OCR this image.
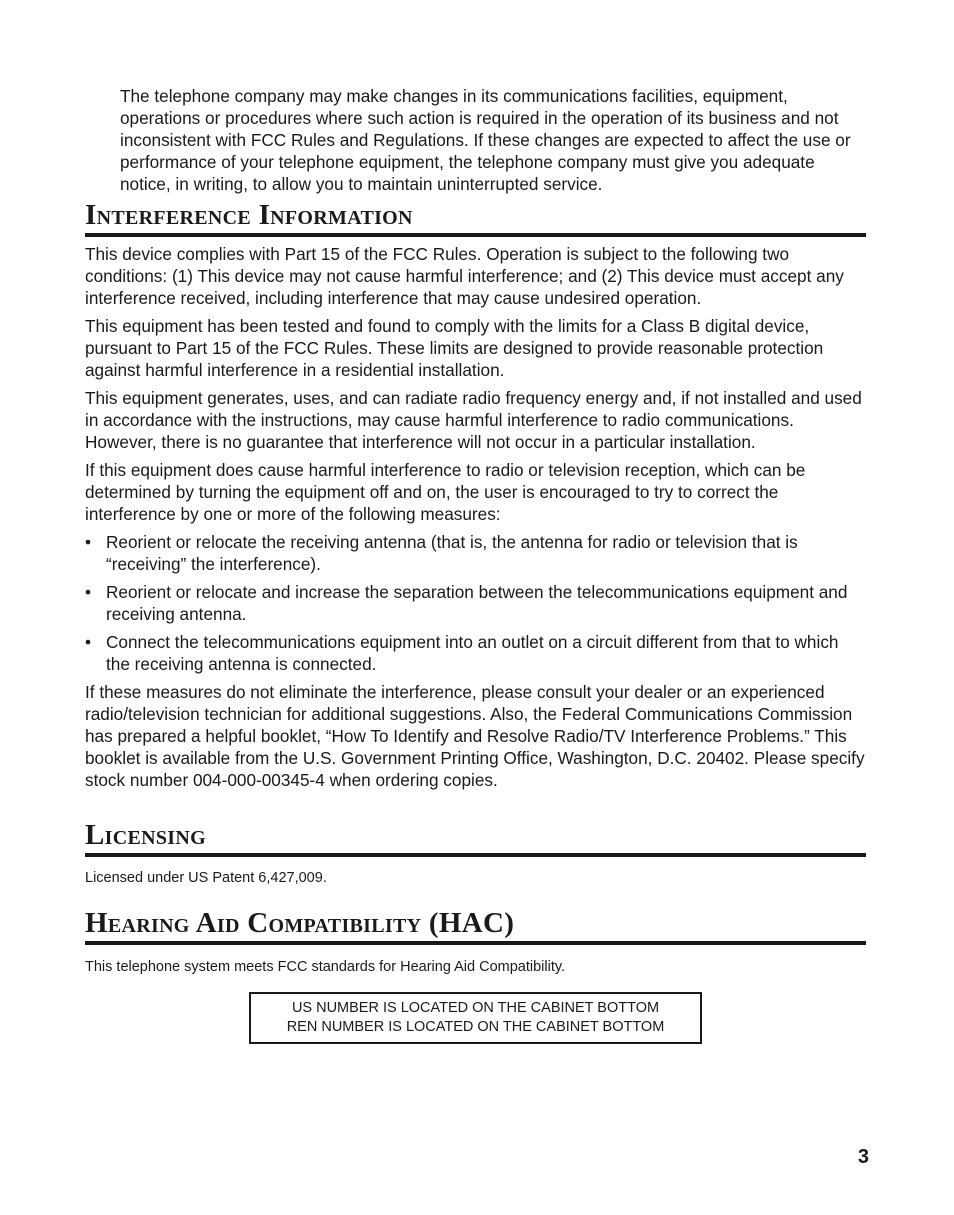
The telephone company may make changes in its communications facilities, equipment, operations or procedures where such action is required in the operation of its business and not inconsistent with FCC Rules and Regulations. If these changes are expected to affect the use or performance of your telephone equipment, the telephone company must give you adequate notice, in writing, to allow you to maintain uninterrupted service.

Interference Information

This device complies with Part 15 of the FCC Rules. Operation is subject to the following two conditions: (1) This device may not cause harmful interference; and (2) This device must accept any interference received, including interference that may cause undesired operation.

This equipment has been tested and found to comply with the limits for a Class B digital device, pursuant to Part 15 of the FCC Rules. These limits are designed to provide reasonable protection against harmful interference in a residential installation.

This equipment generates, uses, and can radiate radio frequency energy and, if not installed and used in accordance with the instructions, may cause harmful interference to radio communications. However, there is no guarantee that interference will not occur in a particular installation.

If this equipment does cause harmful interference to radio or television reception, which can be determined by turning the equipment off and on, the user is encouraged to try to correct the interference by one or more of the following measures:

• Reorient or relocate the receiving antenna (that is, the antenna for radio or television that is “receiving” the interference).
• Reorient or relocate and increase the separation between the telecommunications equipment and receiving antenna.
• Connect the telecommunications equipment into an outlet on a circuit different from that to which the receiving antenna is connected.

If these measures do not eliminate the interference, please consult your dealer or an experienced radio/television technician for additional suggestions. Also, the Federal Communications Commission has prepared a helpful booklet, “How To Identify and Resolve Radio/TV Interference Problems.” This booklet is available from the U.S. Government Printing Office, Washington, D.C. 20402. Please specify stock number 004-000-00345-4 when ordering copies.

Licensing

Licensed under US Patent 6,427,009.

Hearing Aid Compatibility (HAC)

This telephone system meets FCC standards for Hearing Aid Compatibility.

US NUMBER IS LOCATED ON THE CABINET BOTTOM
REN NUMBER IS LOCATED ON THE CABINET BOTTOM
3
